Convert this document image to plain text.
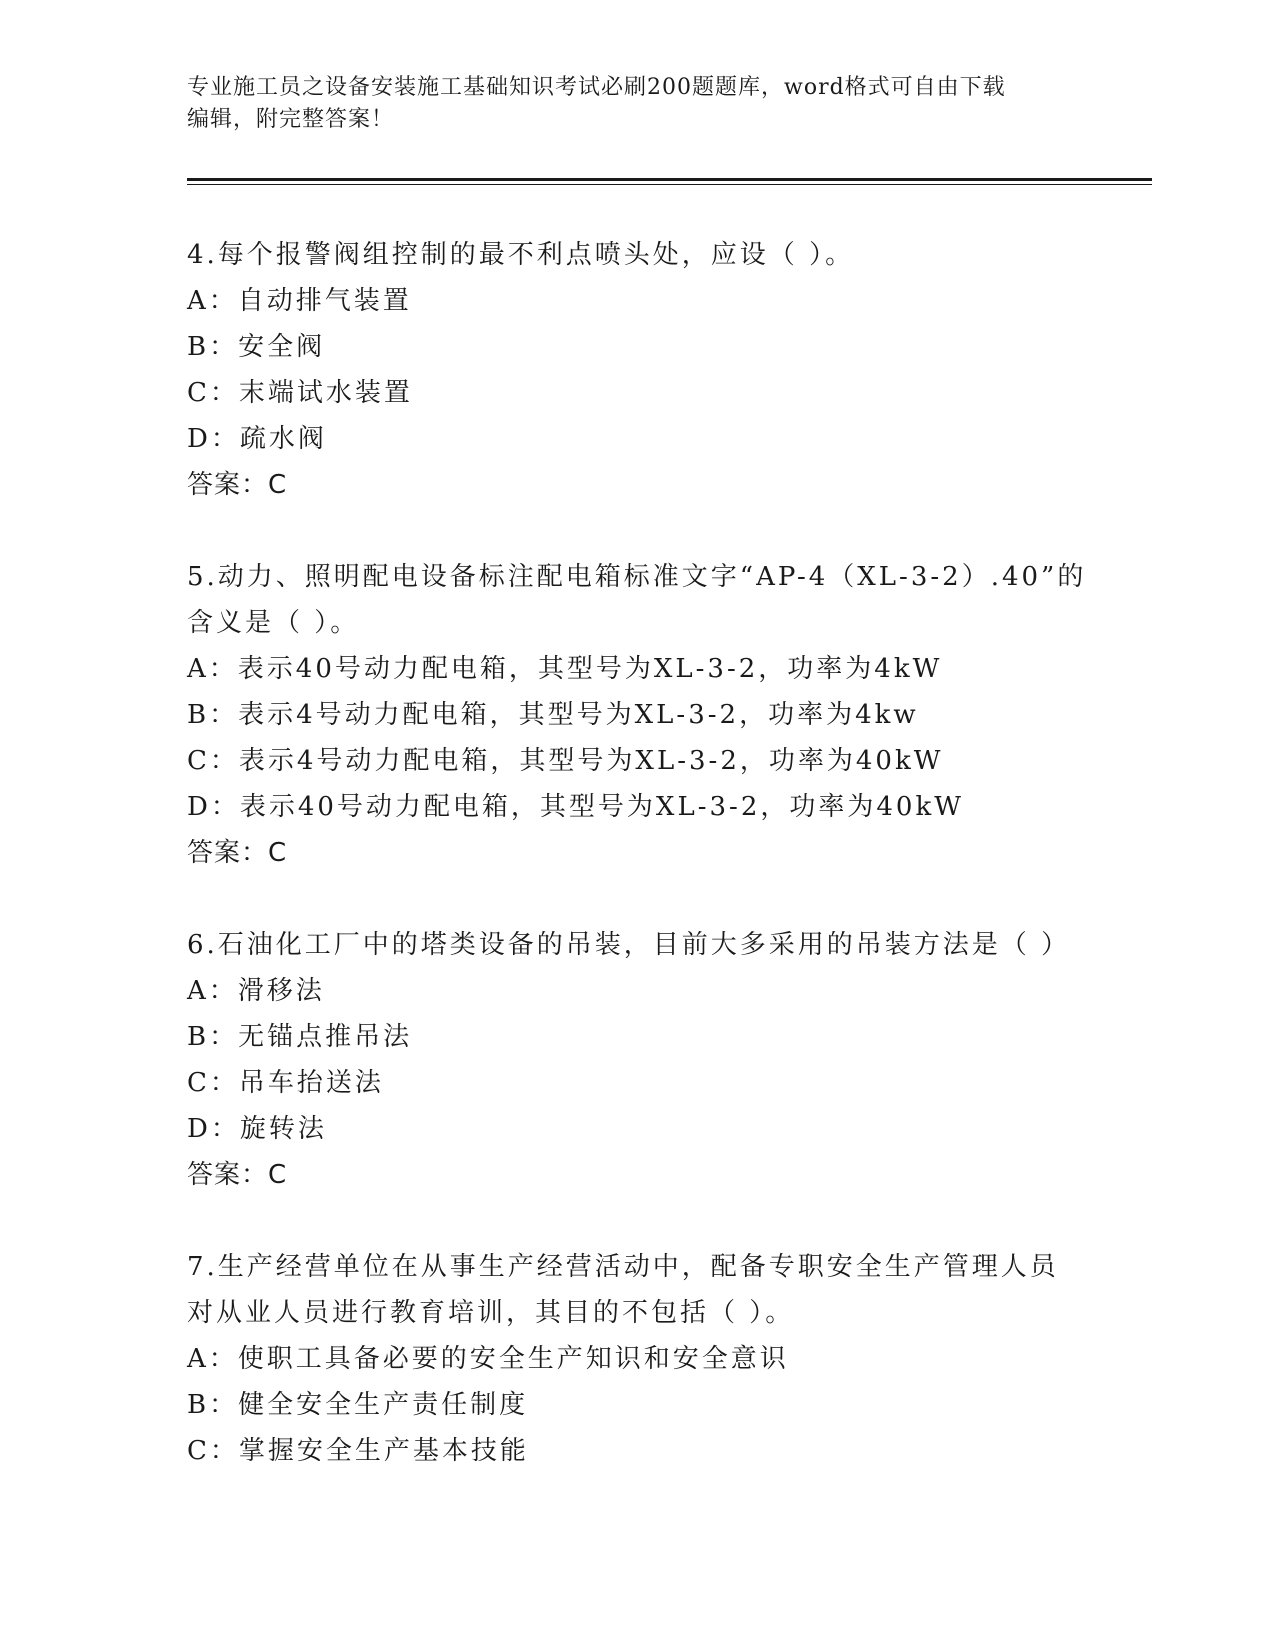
专业施工员之设备安装施工基础知识考试必刷200题题库，word格式可自由下载
编辑，附完整答案！
4.每个报警阀组控制的最不利点喷头处，应设（ ）。
A：自动排气装置
B：安全阀
C：末端试水装置
D：疏水阀
答案：C
5.动力、照明配电设备标注配电箱标准文字“AP-4（XL-3-2）.40”的
含义是（ ）。
A：表示40号动力配电箱，其型号为XL-3-2，功率为4kW
B：表示4号动力配电箱，其型号为XL-3-2，功率为4kw
C：表示4号动力配电箱，其型号为XL-3-2，功率为40kW
D：表示40号动力配电箱，其型号为XL-3-2，功率为40kW
答案：C
6.石油化工厂中的塔类设备的吊装，目前大多采用的吊装方法是（ ）
A：滑移法
B：无锚点推吊法
C：吊车抬送法
D：旋转法
答案：C
7.生产经营单位在从事生产经营活动中，配备专职安全生产管理人员
对从业人员进行教育培训，其目的不包括（ ）。
A：使职工具备必要的安全生产知识和安全意识
B：健全安全生产责任制度
C：掌握安全生产基本技能
